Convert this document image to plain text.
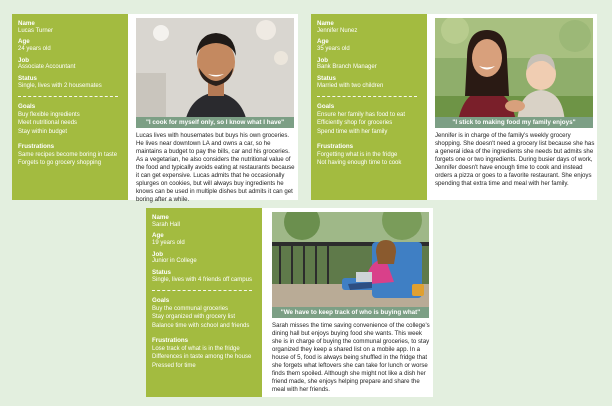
Name
Lucas Turner
Age
24 years old
Job
Associate Accountant
Status
Single, lives with 2 housemates
Goals
Buy flexible ingredients
Meet nutritional needs
Stay within budget
Frustrations
Same recipes become boring in taste
Forgets to go grocery shopping
"I cook for myself only, so I know what I have"
Lucas lives with housemates but buys his own groceries. He lives near downtown LA and owns a car, so he maintains a budget to pay the bills, car and his groceries. As a vegetarian, he also considers the nutritional value of the food and typically avoids eating at restaurants because it can get expensive. Lucas admits that he occasionally splurges on cookies, but will always buy ingredients he knows can be used in multiple dishes but admits it can get boring after a while.
Name
Jennifer Nunez
Age
35 years old
Job
Bank Branch Manager
Status
Married with two children
Goals
Ensure her family has food to eat
Efficiently shop for groceries
Spend time with her family
Frustrations
Forgetting what is in the fridge
Not having enough time to cook
"I stick to making food my family enjoys"
Jennifer is in charge of the family's weekly grocery shopping. She doesn't need a grocery list because she has a general idea of the ingredients she needs but admits she forgets one or two ingredients. During busier days of work, Jennifer doesn't have enough time to cook and instead orders a pizza or goes to a favorite restaurant. She enjoys spending that extra time and meal with her family.
Name
Sarah Hall
Age
19 years old
Job
Junior in College
Status
Single, lives with 4 friends off campus
Goals
Buy the communal groceries
Stay organized with grocery list
Balance time with school and friends
Frustrations
Lose track of what is in the fridge
Differences in taste among the house
Pressed for time
"We have to keep track of who is buying what"
Sarah misses the time saving convenience of the college's dining hall but enjoys buying food she wants. This week she is in charge of buying the communal groceries, to stay organized they keep a shared list on a mobile app. In a house of 5, food is always being shuffled in the fridge that she forgets what leftovers she can take for lunch or worse finds them spoiled. Although she might not like a dish her friend made, she enjoys helping prepare and share the meal with her friends.
